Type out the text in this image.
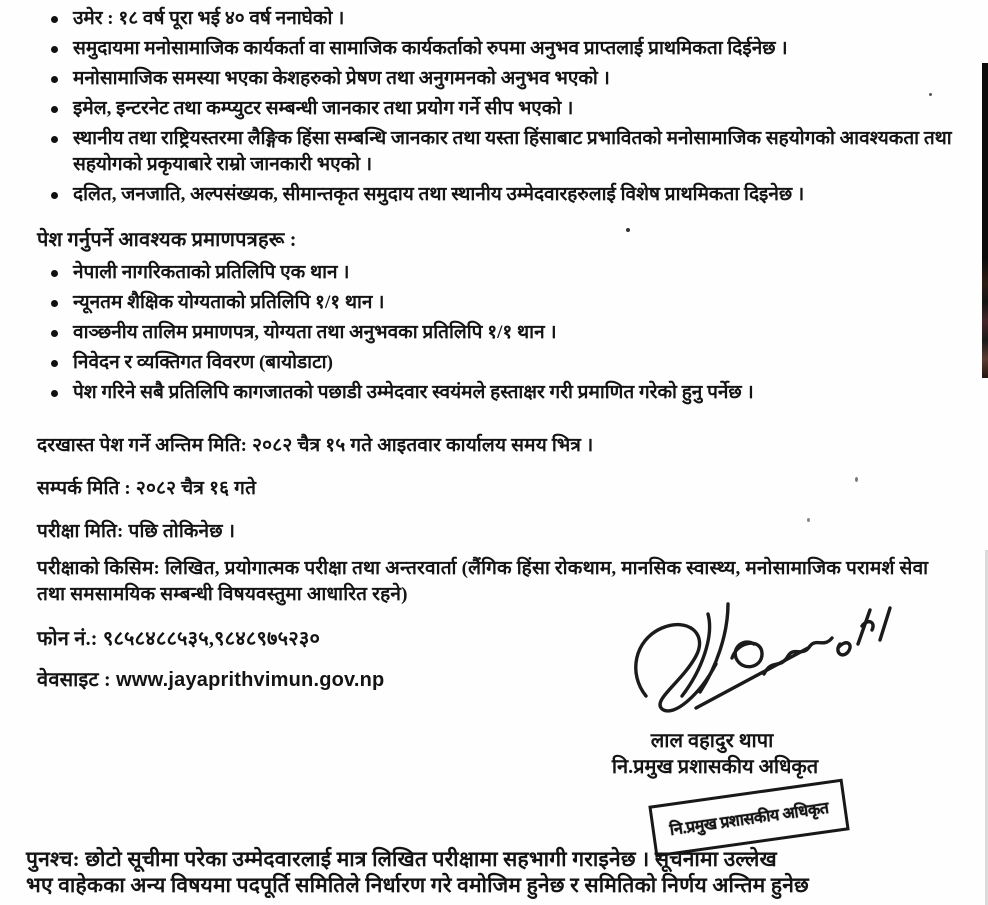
उमेर : १८ वर्ष पूरा भई ४० वर्ष ननाघेको ।
समुदायमा मनोसामाजिक कार्यकर्ता वा सामाजिक कार्यकर्ताको रुपमा अनुभव प्राप्तलाई प्राथमिकता दिईनेछ ।
मनोसामाजिक समस्या भएका केशहरुको प्रेषण तथा अनुगमनको अनुभव भएको ।
इमेल, इन्टरनेट तथा कम्प्युटर सम्बन्धी जानकार तथा प्रयोग गर्ने सीप भएको ।
स्थानीय तथा राष्ट्रियस्तरमा लैङ्गिक हिंसा सम्बन्धि जानकार तथा यस्ता हिंसाबाट प्रभावितको मनोसामाजिक सहयोगको आवश्यकता तथा सहयोगको प्रकृयाबारे राम्रो जानकारी भएको ।
दलित, जनजाति, अल्पसंख्यक, सीमान्तकृत समुदाय तथा स्थानीय उम्मेदवारहरुलाई विशेष प्राथमिकता दिइनेछ ।
पेश गर्नुपर्ने आवश्यक प्रमाणपत्रहरू :
नेपाली नागरिकताको प्रतिलिपि एक थान ।
न्यूनतम शैक्षिक योग्यताको प्रतिलिपि १/१ थान ।
वाञ्छनीय तालिम प्रमाणपत्र, योग्यता तथा अनुभवका प्रतिलिपि १/१ थान ।
निवेदन र व्यक्तिगत विवरण (बायोडाटा)
पेश गरिने सबै प्रतिलिपि कागजातको पछाडी उम्मेदवार स्वयंमले हस्ताक्षर गरी प्रमाणित गरेको हुनु पर्नेछ ।
दरखास्त पेश गर्ने अन्तिम मिति: २०८२ चैत्र १५ गते आइतवार कार्यालय समय भित्र ।
सम्पर्क मिति : २०८२ चैत्र १६ गते
परीक्षा मिति: पछि तोकिनेछ ।
परीक्षाको किसिम: लिखित, प्रयोगात्मक परीक्षा तथा अन्तरवार्ता (लैंगिक हिंसा रोकथाम, मानसिक स्वास्थ्य, मनोसामाजिक परामर्श सेवा तथा समसामयिक सम्बन्धी विषयवस्तुमा आधारित रहने)
फोन नं.: ९८५८४८८५३५,९८४८९७५२३०
वेवसाइट : www.jayaprithvimun.gov.np
लाल वहादुर थापा
नि.प्रमुख प्रशासकीय अधिकृत
नि.प्रमुख प्रशासकीय अधिकृत
पुनश्च: छोटो सूचीमा परेका उम्मेदवारलाई मात्र लिखित परीक्षामा सहभागी गराइनेछ । सूचनामा उल्लेख
भए वाहेकका अन्य विषयमा पदपूर्ति समितिले निर्धारण गरे वमोजिम हुनेछ र समितिको निर्णय अन्तिम हुनेछ
